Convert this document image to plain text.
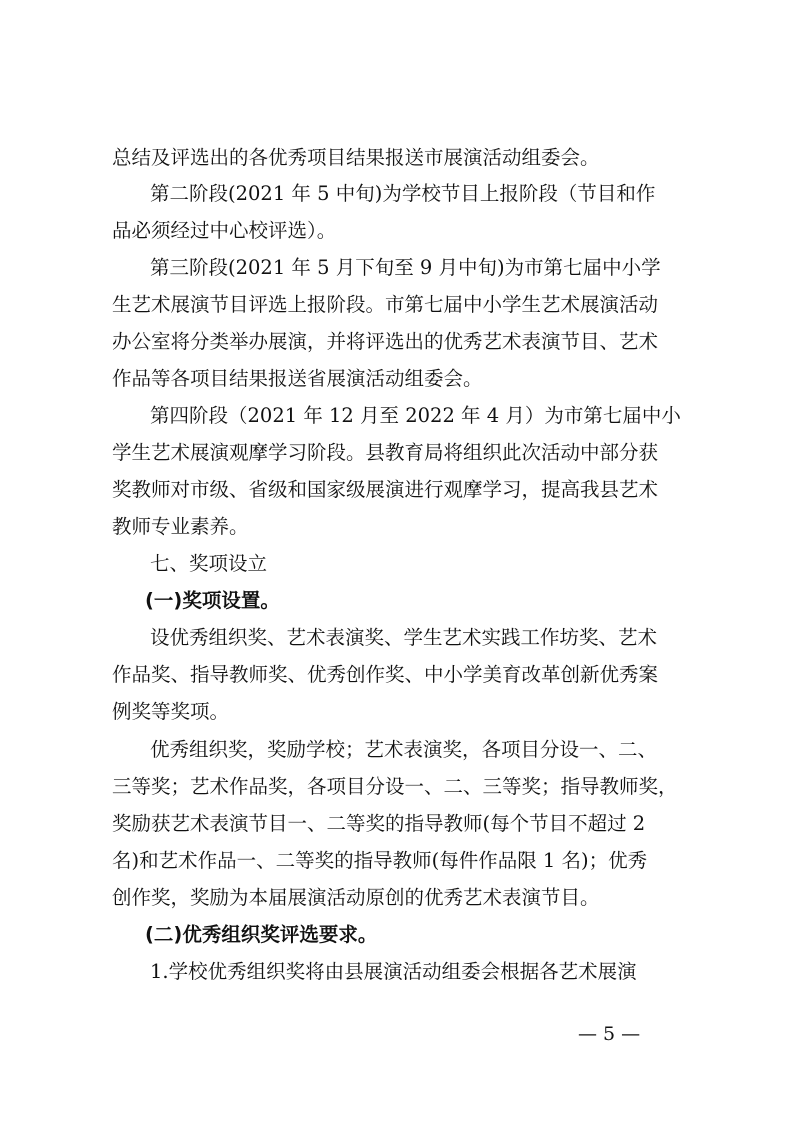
总结及评选出的各优秀项目结果报送市展演活动组委会。
第二阶段(2021 年 5 中旬)为学校节目上报阶段（节目和作
品必须经过中心校评选）。
第三阶段(2021 年 5 月下旬至 9 月中旬)为市第七届中小学
生艺术展演节目评选上报阶段。市第七届中小学生艺术展演活动
办公室将分类举办展演，并将评选出的优秀艺术表演节目、艺术
作品等各项目结果报送省展演活动组委会。
第四阶段（2021 年 12 月至 2022 年 4 月）为市第七届中小
学生艺术展演观摩学习阶段。县教育局将组织此次活动中部分获
奖教师对市级、省级和国家级展演进行观摩学习，提高我县艺术
教师专业素养。
七、奖项设立
(一)奖项设置。
设优秀组织奖、艺术表演奖、学生艺术实践工作坊奖、艺术
作品奖、指导教师奖、优秀创作奖、中小学美育改革创新优秀案
例奖等奖项。
优秀组织奖，奖励学校；艺术表演奖，各项目分设一、二、
三等奖；艺术作品奖，各项目分设一、二、三等奖；指导教师奖，
奖励获艺术表演节目一、二等奖的指导教师(每个节目不超过 2
名)和艺术作品一、二等奖的指导教师(每件作品限 1 名)；优秀
创作奖，奖励为本届展演活动原创的优秀艺术表演节目。
(二)优秀组织奖评选要求。
1.学校优秀组织奖将由县展演活动组委会根据各艺术展演
— 5 —
